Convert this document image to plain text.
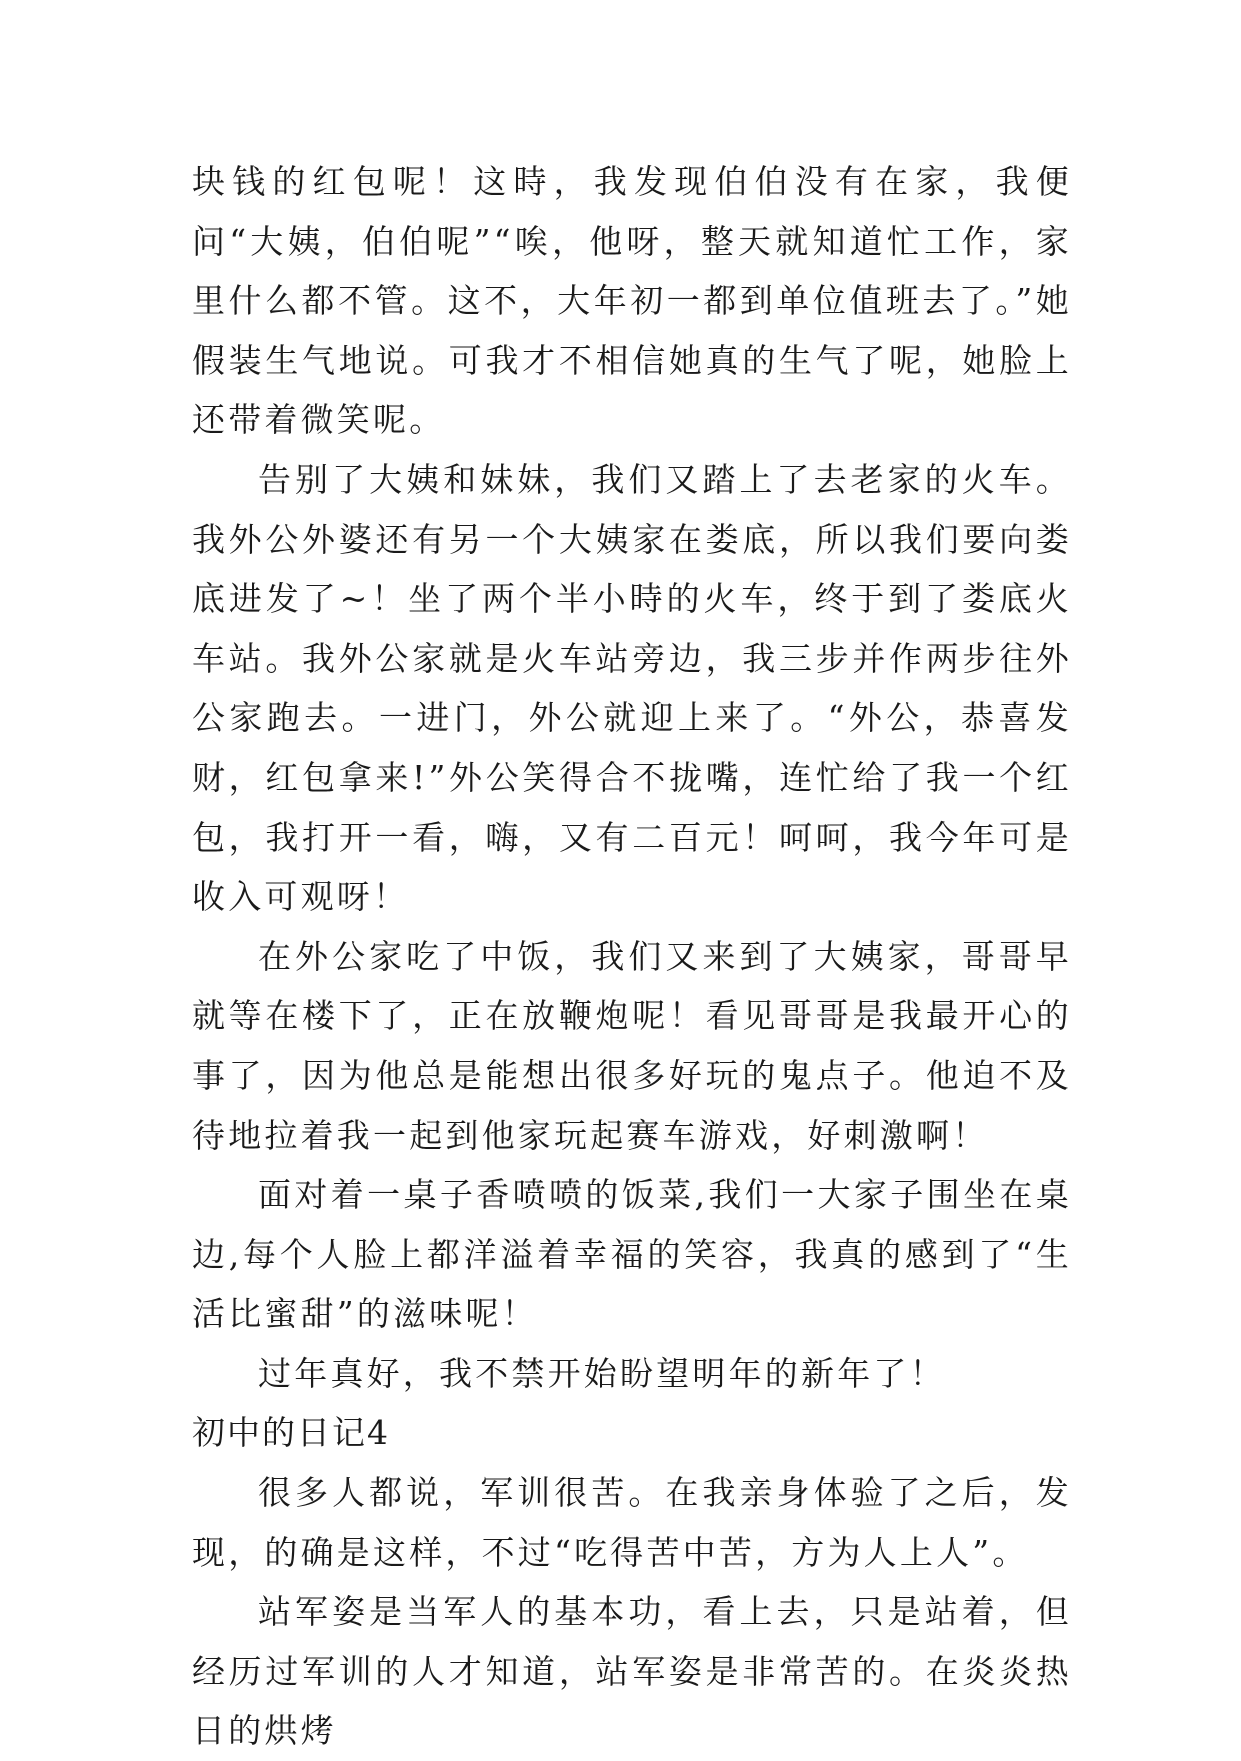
块钱的红包呢！这時，我发现伯伯没有在家，我便问“大姨，伯伯呢”“唉，他呀，整天就知道忙工作，家里什么都不管。这不，大年初一都到单位值班去了。”她假装生气地说。可我才不相信她真的生气了呢，她脸上还带着微笑呢。

告别了大姨和妹妹，我们又踏上了去老家的火车。我外公外婆还有另一个大姨家在娄底，所以我们要向娄底进发了~！坐了两个半小時的火车，终于到了娄底火车站。我外公家就是火车站旁边，我三步并作两步往外公家跑去。一进门，外公就迎上来了。“外公，恭喜发财，红包拿来!”外公笑得合不拢嘴，连忙给了我一个红包，我打开一看，嗨，又有二百元！呵呵，我今年可是收入可观呀！

在外公家吃了中饭，我们又来到了大姨家，哥哥早就等在楼下了，正在放鞭炮呢！看见哥哥是我最开心的事了，因为他总是能想出很多好玩的鬼点子。他迫不及待地拉着我一起到他家玩起赛车游戏，好刺激啊！

面对着一桌子香喷喷的饭菜,我们一大家子围坐在桌边,每个人脸上都洋溢着幸福的笑容，我真的感到了“生活比蜜甜”的滋味呢！

过年真好，我不禁开始盼望明年的新年了！

初中的日记4

很多人都说，军训很苦。在我亲身体验了之后，发现，的确是这样，不过“吃得苦中苦，方为人上人”。

站军姿是当军人的基本功，看上去，只是站着，但经历过军训的人才知道，站军姿是非常苦的。在炎炎热日的烘烤
